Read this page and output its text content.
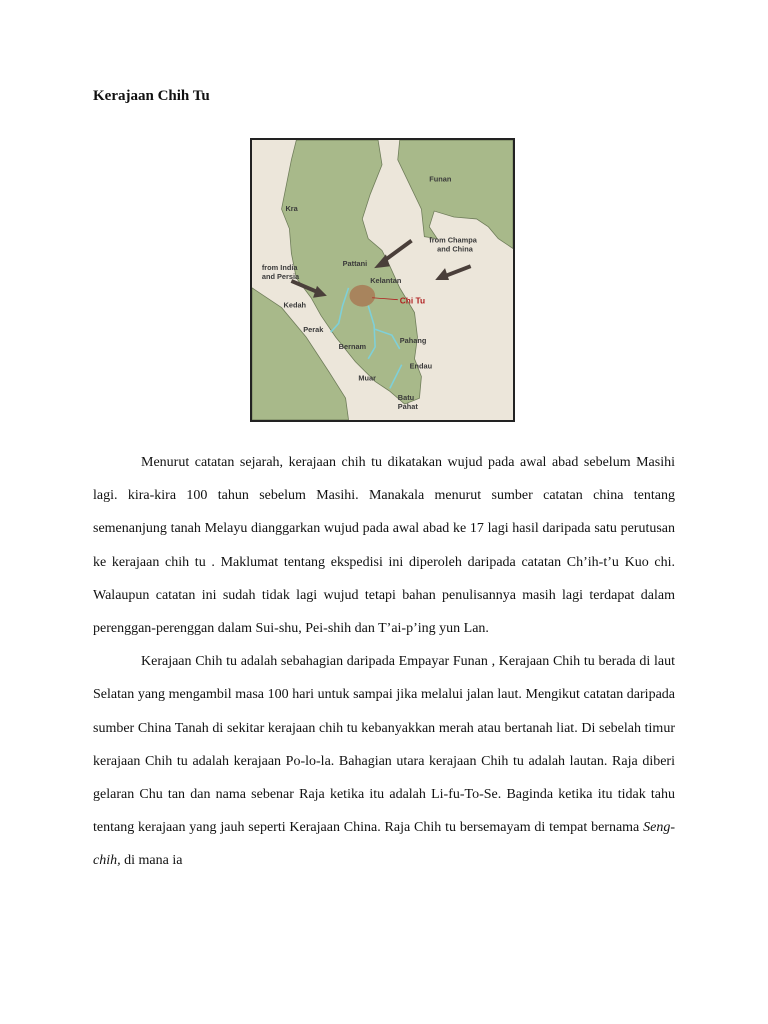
Kerajaan Chih Tu
Funan
Kra
from Champa
and China
from India
and Persia
Pattani
Kelantan
Chi Tu
Kedah
Perak
Pahang
Bernam
Endau
Muar
Batu
Pahat

Menurut catatan sejarah, kerajaan chih tu dikatakan wujud pada awal abad sebelum Masihi lagi. kira-kira 100 tahun sebelum Masihi. Manakala menurut sumber catatan china tentang semenanjung tanah Melayu dianggarkan wujud pada awal abad ke 17 lagi hasil daripada satu perutusan ke kerajaan chih tu . Maklumat tentang ekspedisi ini diperoleh daripada catatan Ch’ih-t’u Kuo chi. Walaupun catatan ini sudah tidak lagi wujud tetapi bahan penulisannya masih lagi terdapat dalam perenggan-perenggan dalam Sui-shu, Pei-shih dan T’ai-p’ing yun Lan.

Kerajaan Chih tu adalah sebahagian daripada Empayar Funan , Kerajaan Chih tu berada di laut Selatan yang mengambil masa 100 hari untuk sampai jika melalui jalan laut. Mengikut catatan daripada sumber China Tanah di sekitar kerajaan chih tu kebanyakkan merah atau bertanah liat. Di sebelah timur kerajaan Chih tu adalah kerajaan Po-lo-la. Bahagian utara kerajaan Chih tu adalah lautan. Raja diberi gelaran Chu tan dan nama sebenar Raja ketika itu adalah Li-fu-To-Se. Baginda ketika itu tidak tahu tentang kerajaan yang jauh seperti Kerajaan China. Raja Chih tu bersemayam di tempat bernama Seng-chih, di mana ia
